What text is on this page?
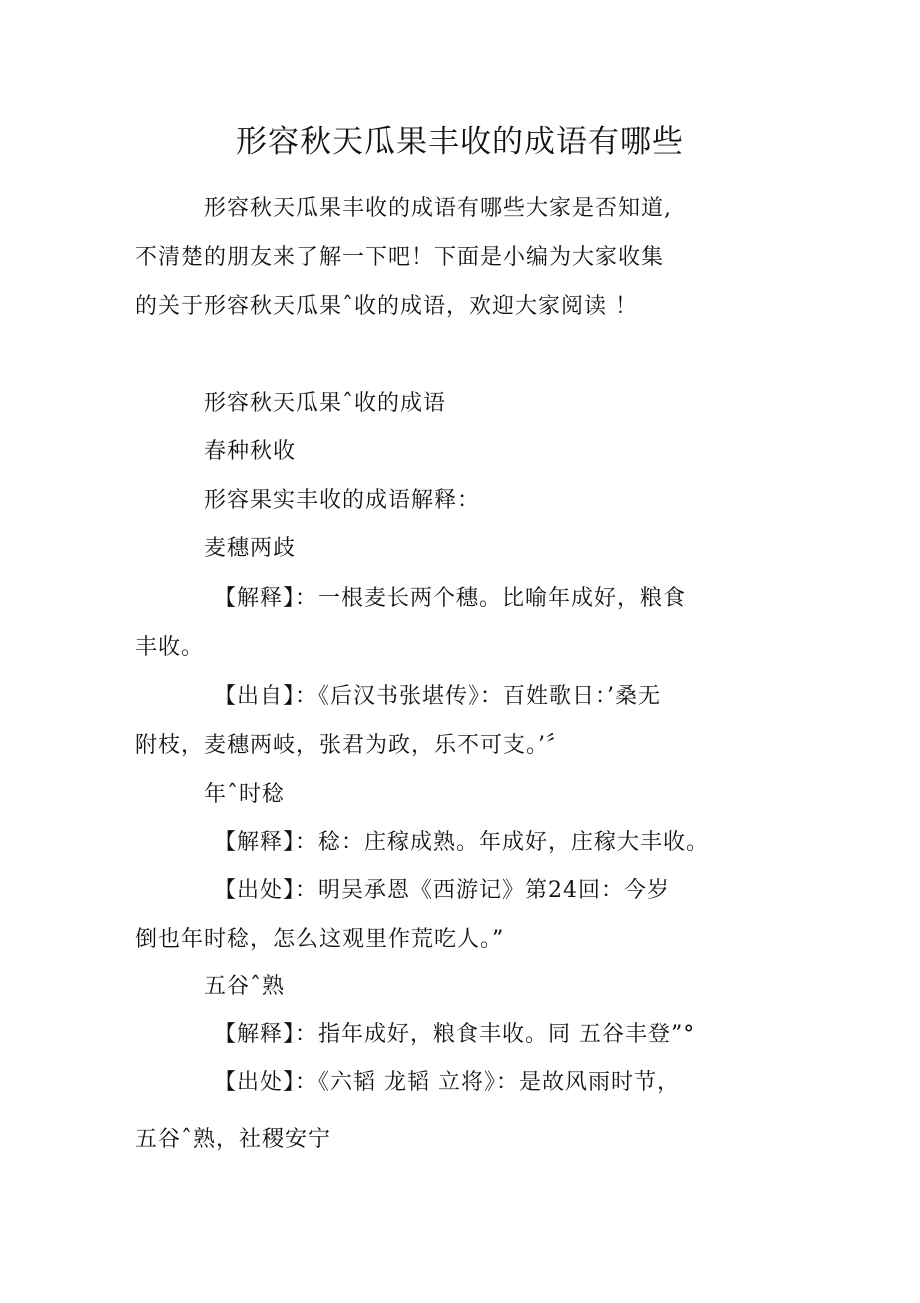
形容秋天瓜果丰收的成语有哪些
形容秋天瓜果丰收的成语有哪些大家是否知道,
不清楚的朋友来了解一下吧！下面是小编为大家收集
的关于形容秋天瓜果ˆ收的成语，欢迎大家阅读 ！
形容秋天瓜果ˆ收的成语
春种秋收
形容果实丰收的成语解释：
麦穗两歧
【解释】：一根麦长两个穗。比喻年成好，粮食
丰收。
【出自】：《后汉书张堪传》：百姓歌日：’桑无
附枝，麦穗两岐，张君为政，乐不可支。’〞
年ˆ时稔
【解释】：稔：庄稼成熟。年成好，庄稼大丰收。
【出处】：明吴承恩《西游记》第24回：今岁
倒也年时稔，怎么这观里作荒吃人。”
五谷ˆ熟
【解释】：指年成好，粮食丰收。同 五谷丰登”°
【出处】：《六韬 龙韬 立将》：是故风雨时节，
五谷ˆ熟，社稷安宁
